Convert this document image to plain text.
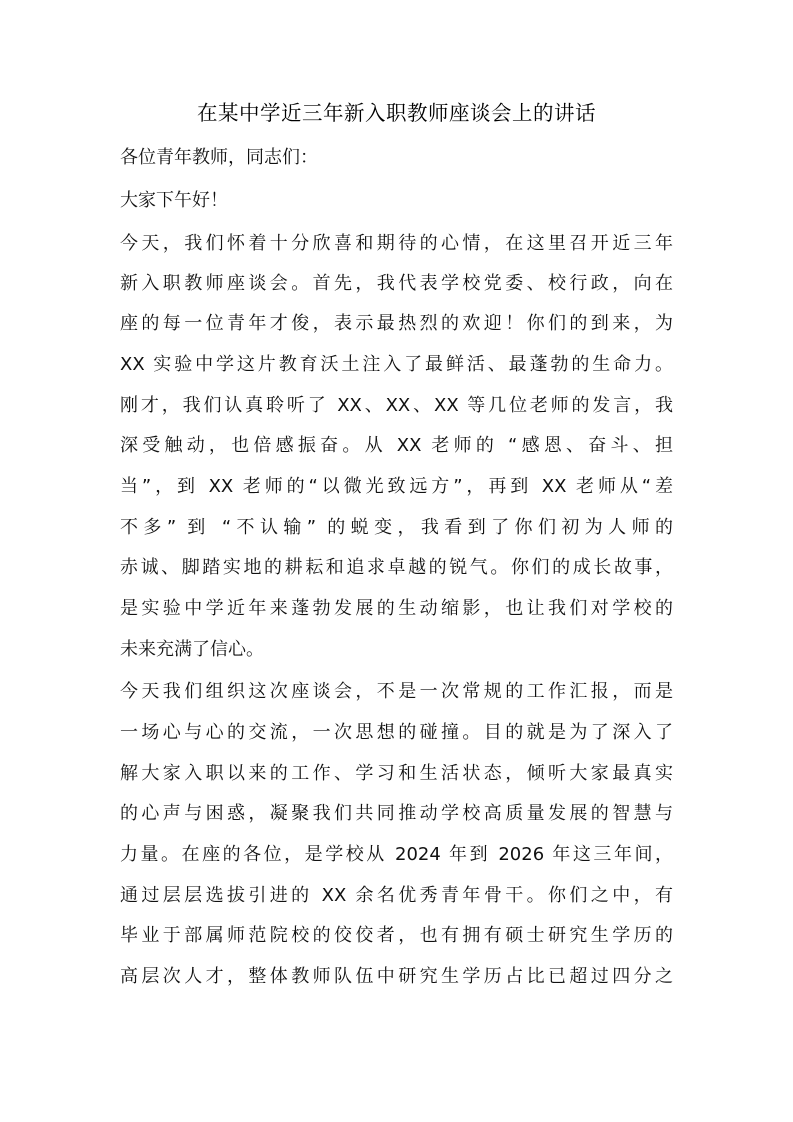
在某中学近三年新入职教师座谈会上的讲话
各位青年教师，同志们：
大家下午好！
今天，我们怀着十分欣喜和期待的心情，在这里召开近三年
新入职教师座谈会。首先，我代表学校党委、校行政，向在
座的每一位青年才俊，表示最热烈的欢迎！你们的到来，为
XX 实验中学这片教育沃土注入了最鲜活、最蓬勃的生命力。
刚才，我们认真聆听了 XX、XX、XX 等几位老师的发言，我
深受触动，也倍感振奋。从 XX 老师的 “感恩、奋斗、担
当”，到 XX 老师的“以微光致远方”，再到 XX 老师从“差
不多” 到 “不认输” 的蜕变，我看到了你们初为人师的
赤诚、脚踏实地的耕耘和追求卓越的锐气。你们的成长故事，
是实验中学近年来蓬勃发展的生动缩影，也让我们对学校的
未来充满了信心。
今天我们组织这次座谈会，不是一次常规的工作汇报，而是
一场心与心的交流，一次思想的碰撞。目的就是为了深入了
解大家入职以来的工作、学习和生活状态，倾听大家最真实
的心声与困惑，凝聚我们共同推动学校高质量发展的智慧与
力量。在座的各位，是学校从 2024 年到 2026 年这三年间，
通过层层选拔引进的 XX 余名优秀青年骨干。你们之中，有
毕业于部属师范院校的佼佼者，也有拥有硕士研究生学历的
高层次人才，整体教师队伍中研究生学历占比已超过四分之
